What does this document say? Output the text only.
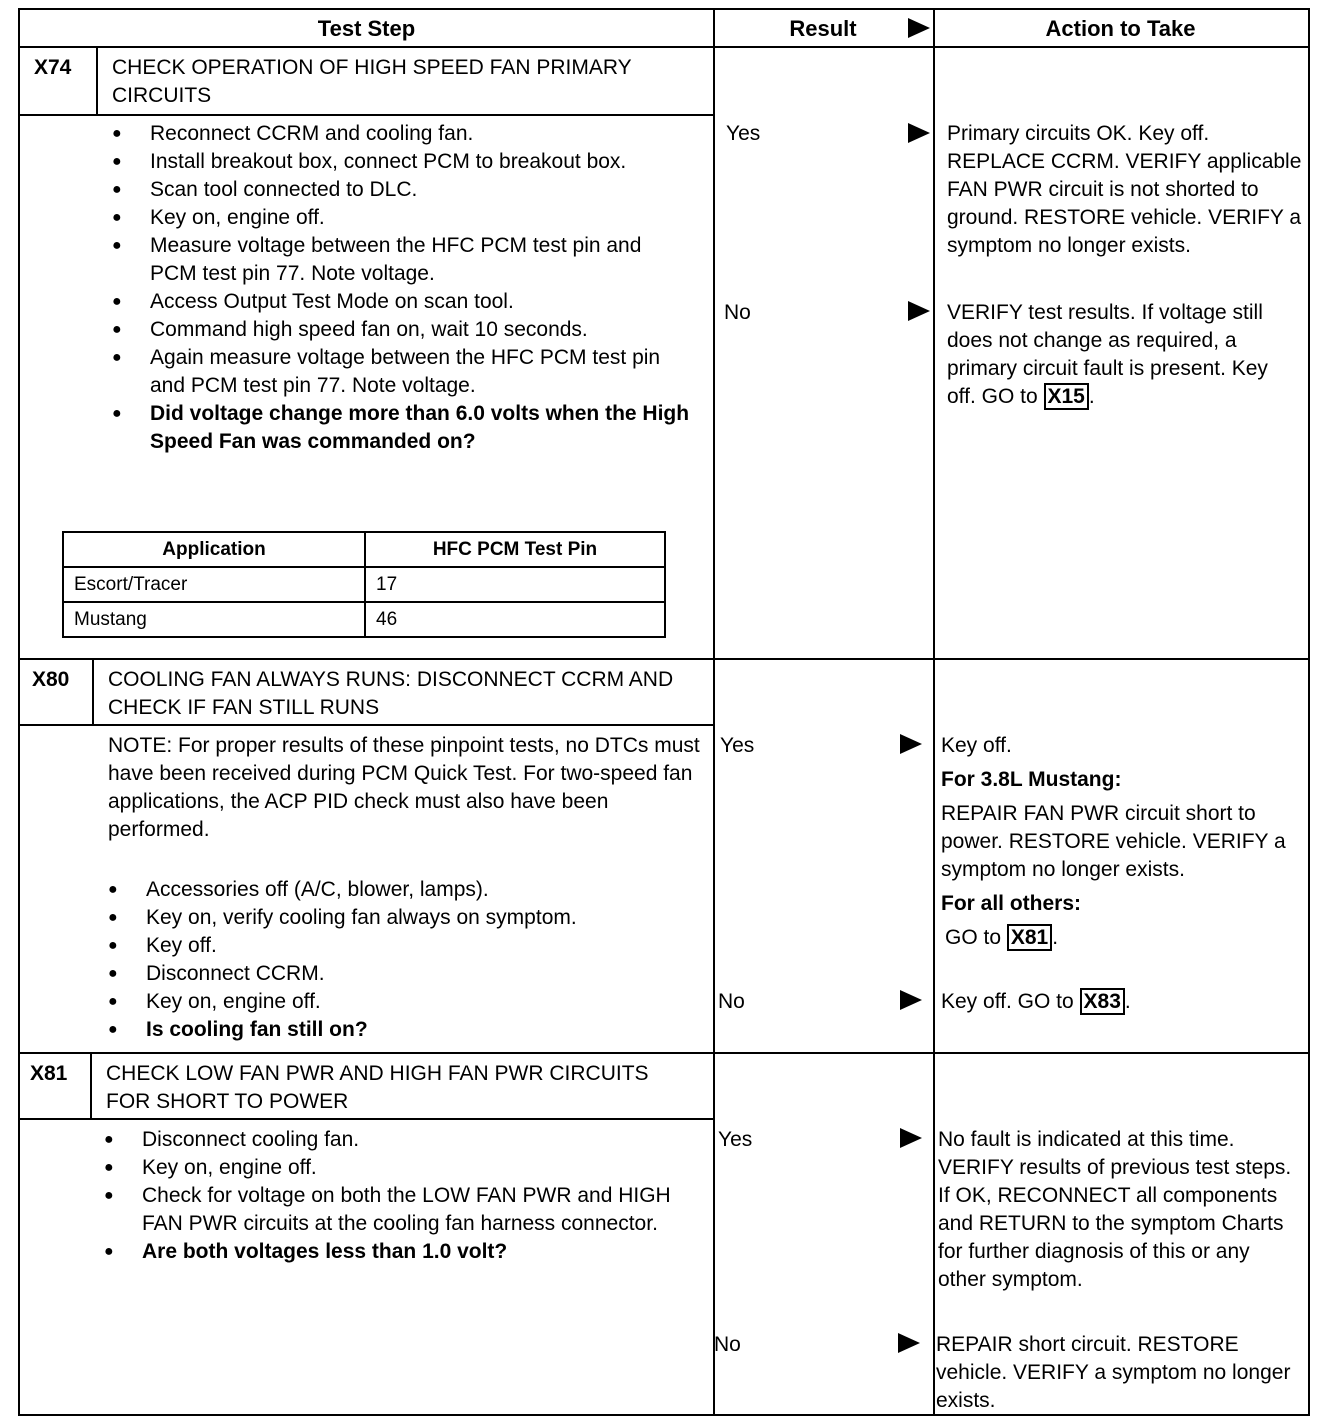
Test Step	Result	Action to Take
X74 CHECK OPERATION OF HIGH SPEED FAN PRIMARY CIRCUITS
● Reconnect CCRM and cooling fan.
● Install breakout box, connect PCM to breakout box.
● Scan tool connected to DLC.
● Key on, engine off.
● Measure voltage between the HFC PCM test pin and PCM test pin 77. Note voltage.
● Access Output Test Mode on scan tool.
● Command high speed fan on, wait 10 seconds.
● Again measure voltage between the HFC PCM test pin and PCM test pin 77. Note voltage.
● Did voltage change more than 6.0 volts when the High Speed Fan was commanded on?
Application	HFC PCM Test Pin
Escort/Tracer	17
Mustang	46
Yes	Primary circuits OK. Key off. REPLACE CCRM. VERIFY applicable FAN PWR circuit is not shorted to ground. RESTORE vehicle. VERIFY a symptom no longer exists.
No	VERIFY test results. If voltage still does not change as required, a primary circuit fault is present. Key off. GO to X15 .
X80 COOLING FAN ALWAYS RUNS: DISCONNECT CCRM AND CHECK IF FAN STILL RUNS
NOTE: For proper results of these pinpoint tests, no DTCs must have been received during PCM Quick Test. For two-speed fan applications, the ACP PID check must also have been performed.
● Accessories off (A/C, blower, lamps).
● Key on, verify cooling fan always on symptom.
● Key off.
● Disconnect CCRM.
● Key on, engine off.
● Is cooling fan still on?
Yes	Key off.
For 3.8L Mustang:
REPAIR FAN PWR circuit short to power. RESTORE vehicle. VERIFY a symptom no longer exists.
For all others:
GO to X81 .
No	Key off. GO to X83 .
X81 CHECK LOW FAN PWR AND HIGH FAN PWR CIRCUITS FOR SHORT TO POWER
● Disconnect cooling fan.
● Key on, engine off.
● Check for voltage on both the LOW FAN PWR and HIGH FAN PWR circuits at the cooling fan harness connector.
● Are both voltages less than 1.0 volt?
Yes	No fault is indicated at this time. VERIFY results of previous test steps. If OK, RECONNECT all components and RETURN to the symptom Charts for further diagnosis of this or any other symptom.
No	REPAIR short circuit. RESTORE vehicle. VERIFY a symptom no longer exists.
